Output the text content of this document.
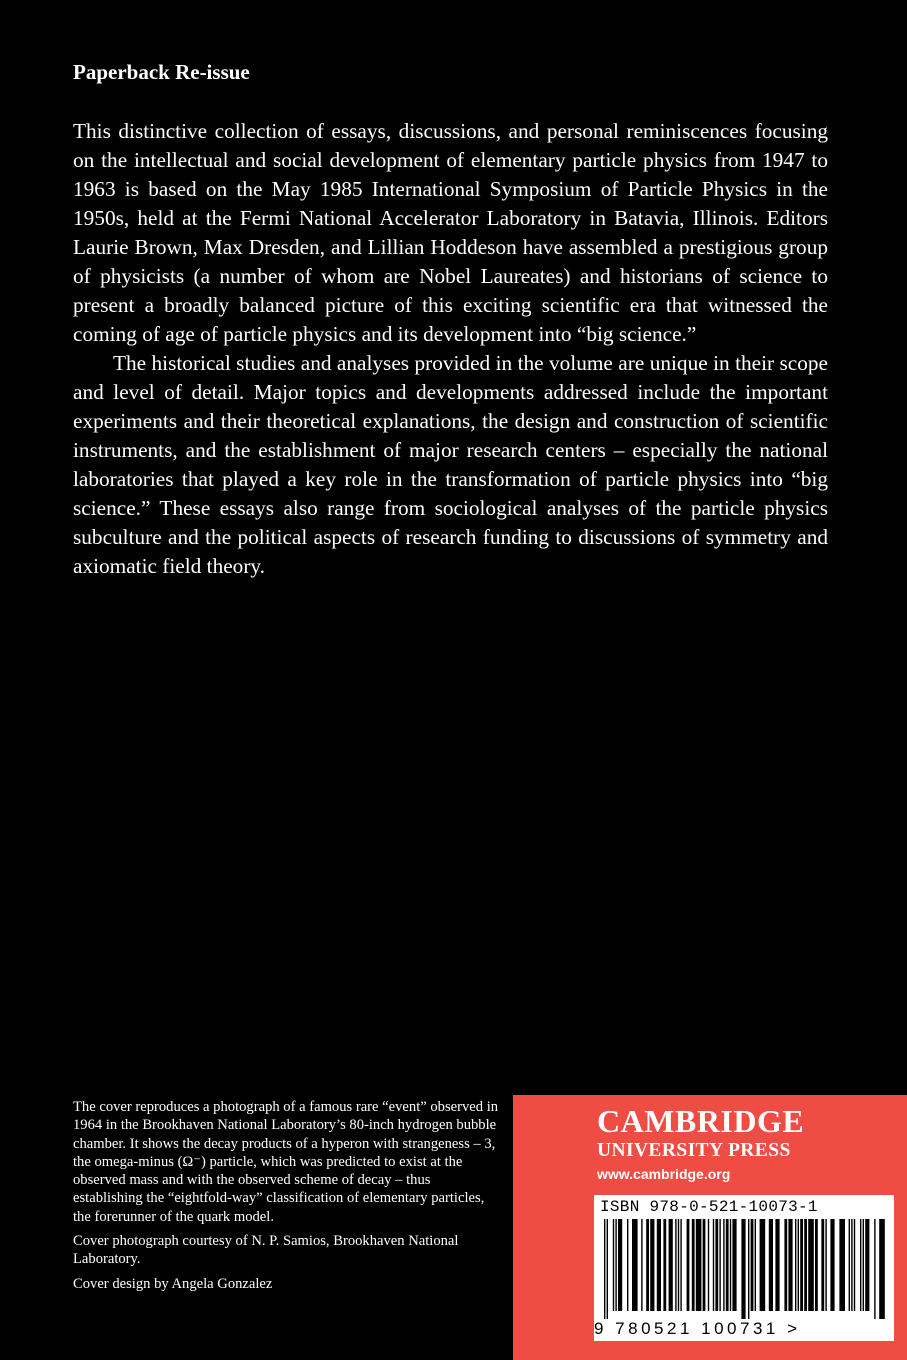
Paperback Re-issue

This distinctive collection of essays, discussions, and personal reminiscences focusing on the intellectual and social development of elementary particle physics from 1947 to 1963 is based on the May 1985 International Symposium of Particle Physics in the 1950s, held at the Fermi National Accelerator Laboratory in Batavia, Illinois. Editors Laurie Brown, Max Dresden, and Lillian Hoddeson have assembled a prestigious group of physicists (a number of whom are Nobel Laureates) and historians of science to present a broadly balanced picture of this exciting scientific era that witnessed the coming of age of particle physics and its development into “big science.”

The historical studies and analyses provided in the volume are unique in their scope and level of detail. Major topics and developments addressed include the important experiments and their theoretical explanations, the design and construction of scientific instruments, and the establishment of major research centers – especially the national laboratories that played a key role in the transformation of particle physics into “big science.” These essays also range from sociological analyses of the particle physics subculture and the political aspects of research funding to discussions of symmetry and axiomatic field theory.

The cover reproduces a photograph of a famous rare “event” observed in 1964 in the Brookhaven National Laboratory’s 80-inch hydrogen bubble chamber. It shows the decay products of a hyperon with strangeness – 3, the omega-minus (Ω⁻) particle, which was predicted to exist at the observed mass and with the observed scheme of decay – thus establishing the “eightfold-way” classification of elementary particles, the forerunner of the quark model.

Cover photograph courtesy of N. P. Samios, Brookhaven National Laboratory.

Cover design by Angela Gonzalez

CAMBRIDGE
UNIVERSITY PRESS
www.cambridge.org
ISBN 978-0-521-10073-1
9 780521 100731 >
